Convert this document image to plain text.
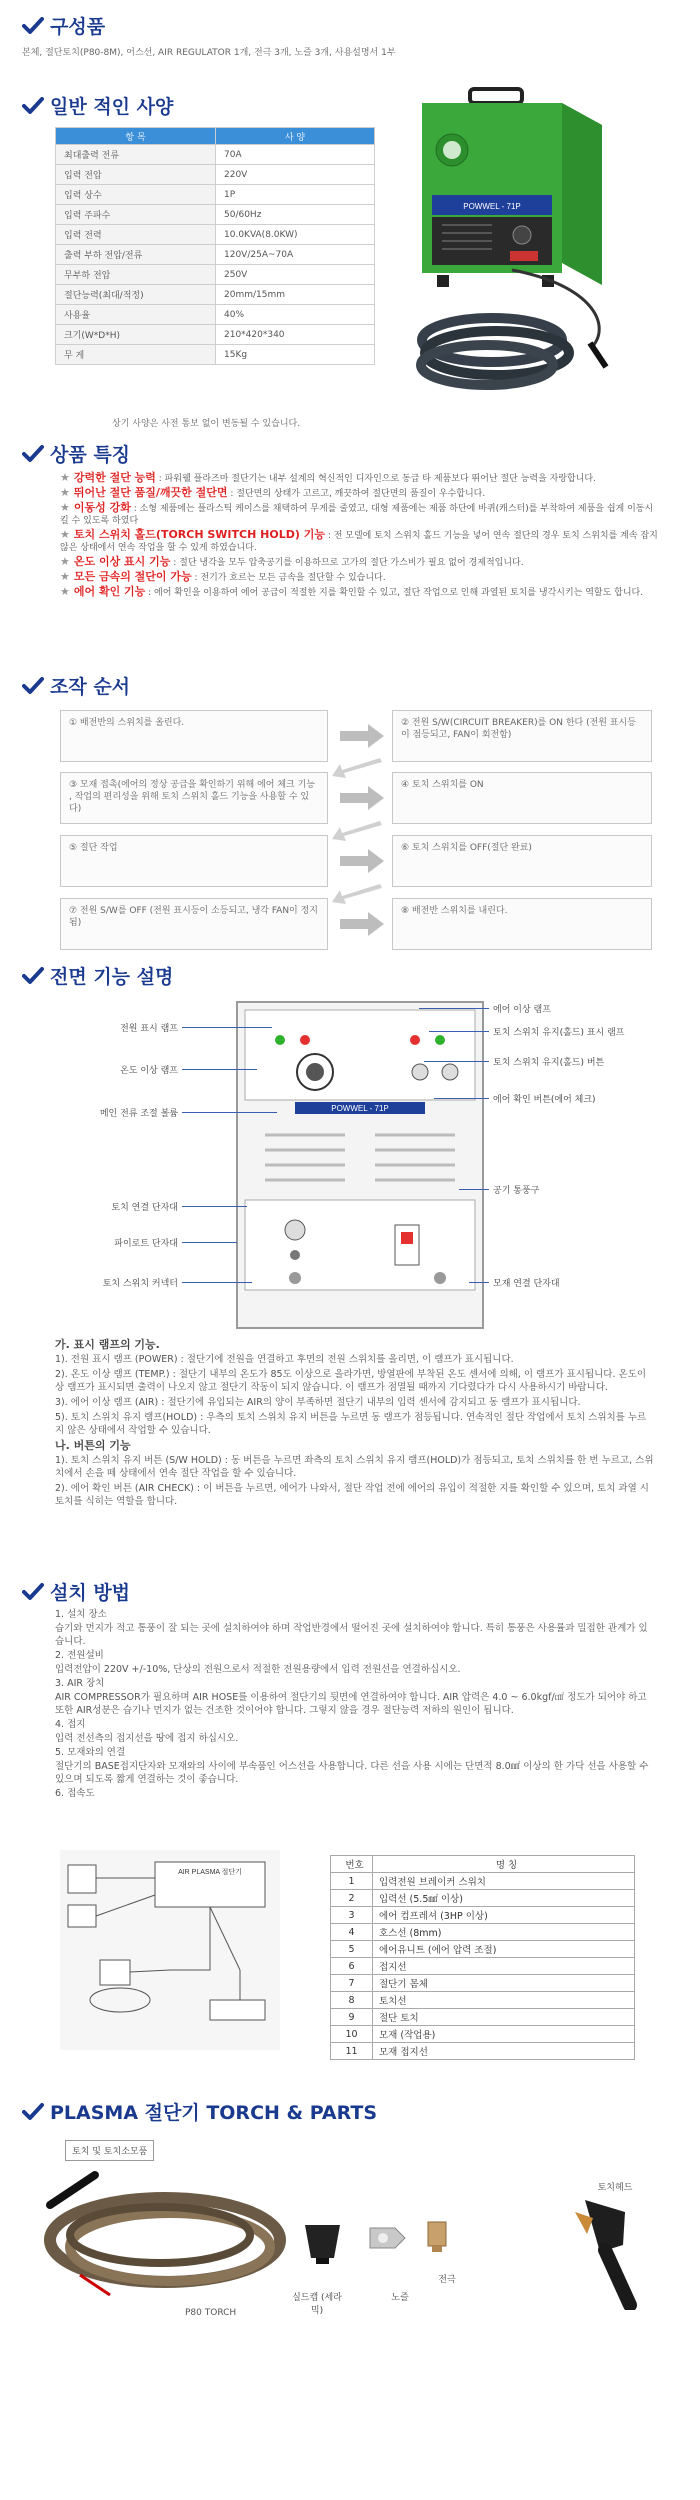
구성품

본체, 절단토치(P80-8M), 어스선, AIR REGULATOR 1개, 전극 3개, 노즐 3개, 사용설명서 1부

일반 적인 사양
항 목	사 양
최대출력 전류	70A
입력 전압	220V
입력 상수	1P
입력 주파수	50/60Hz
입력 전력	10.0KVA(8.0KW)
출력 부하 전압/전류	120V/25A~70A
무부하 전압	250V
절단능력(최대/적정)	20mm/15mm
사용율	40%
크기(W*D*H)	210*420*340
무 게	15Kg

상기 사양은 사전 통보 없이 변동될 수 있습니다.

POWWEL - 71P
상품 특징
★ 강력한 절단 능력 : 파워웰 플라즈마 절단기는 내부 설계의 혁신적인 디자인으로 동급 타 제품보다 뛰어난 절단 능력을 자랑합니다.
★ 뛰어난 절단 품질/깨끗한 절단면 : 절단면의 상태가 고르고, 깨끗하여 절단면의 품질이 우수합니다.
★ 이동성 강화 : 소형 제품에는 플라스틱 케이스를 채택하여 무게를 줄였고, 대형 제품에는 제품 하단에 바퀴(캐스터)를 부착하여 제품을 쉽게 이동시킬 수 있도록 하였다
★ 토치 스위치 홀드(TORCH SWITCH HOLD) 기능 : 전 모델에 토치 스위치 홀드 기능을 넣어 연속 절단의 경우 토치 스위치를 계속 잡지 않은 상태에서 연속 작업을 할 수 있게 하였습니다.
★ 온도 이상 표시 기능 : 절단 냉각을 모두 압축공기를 이용하므로 고가의 절단 가스비가 필요 없어 경제적입니다.
★ 모든 금속의 절단이 가능 : 전기가 흐르는 모든 금속을 절단할 수 있습니다.
★ 에어 확인 기능 : 에어 확인을 이용하여 에어 공급이 적절한 지를 확인할 수 있고, 절단 작업으로 인해 과열된 토치를 냉각시키는 역할도 합니다.
조작 순서
① 배전반의 스위치를 올린다.	② 전원 S/W(CIRCUIT BREAKER)를 ON 한다 (전원 표시등이 점등되고, FAN이 회전함)
③ 모재 접촉(에어의 정상 공급을 확인하기 위해 에어 체크 기능 , 작업의 편리성을 위해 토치 스위치 홀드 기능을 사용할 수 있다)
④ 토치 스위치를 ON
⑤ 절단 작업	⑥ 토치 스위치를 OFF(절단 완료)
⑦ 전원 S/W를 OFF (전원 표시등이 소등되고, 냉각 FAN이 정지됨)
⑧ 배전반 스위치를 내린다.
전면 기능 설명
POWWEL - 71P
전원 표시 램프
온도 이상 램프
메인 전류 조절 볼륨
토치 연결 단자대
파이로트 단자대
토치 스위치 커넥터
에어 이상 램프
토치 스위치 유지(홀드) 표시 램프
토치 스위치 유지(홀드) 버튼
에어 확인 버튼(에어 체크)
공기 통풍구
모재 연결 단자대
가. 표시 램프의 기능.
1). 전원 표시 램프 (POWER) : 절단기에 전원을 연결하고 후면의 전원 스위치를 올리면, 이 램프가 표시됩니다.
2). 온도 이상 램프 (TEMP.) : 절단기 내부의 온도가 85도 이상으로 올라가면, 방열판에 부착된 온도 센서에 의해, 이 램프가 표시됩니다. 온도이상 램프가 표시되면 출력이 나오지 않고 절단기 작동이 되지 않습니다. 이 램프가 점멸될 때까지 기다렸다가 다시 사용하시기 바랍니다.
3). 에어 이상 램프 (AIR) : 절단기에 유입되는 AIR의 양이 부족하면 절단기 내부의 입력 센서에 감지되고 동 램프가 표시됩니다.
5). 토치 스위치 유지 램프(HOLD) : 우측의 토치 스위치 유지 버튼을 누르면 동 램프가 점등됩니다. 연속적인 절단 작업에서 토치 스위치를 누르지 않은 상태에서 작업할 수 있습니다.
나. 버튼의 기능
1). 토치 스위치 유지 버튼 (S/W HOLD) : 동 버튼을 누르면 좌측의 토치 스위치 유지 램프(HOLD)가 점등되고, 토치 스위치를 한 번 누르고, 스위치에서 손을 떼 상태에서 연속 절단 작업을 할 수 있습니다.
2). 에어 확인 버튼 (AIR CHECK) : 이 버튼을 누르면, 에어가 나와서, 절단 작업 전에 에어의 유입이 적절한 지를 확인할 수 있으며, 토치 과열 시 토치를 식히는 역할을 합니다.
설치 방법
1. 설치 장소
습기와 먼지가 적고 통풍이 잘 되는 곳에 설치하여야 하며 작업반경에서 떨어진 곳에 설치하여야 합니다. 특히 통풍은 사용률과 밀접한 관계가 있습니다.
2. 전원설비
입력전압이 220V +/-10%, 단상의 전원으로서 적절한 전원용량에서 입력 전원선을 연결하십시오.
3. AIR 장치
AIR COMPRESSOR가 필요하며 AIR HOSE를 이용하여 절단기의 뒷면에 연결하여야 합니다. AIR 압력은 4.0 ~ 6.0kgf/㎠ 정도가 되어야 하고 또한 AIR성분은 습기나 먼지가 없는 건조한 것이어야 합니다. 그렇지 않을 경우 절단능력 저하의 원인이 됩니다.
4. 접지
입력 전선측의 접지선을 땅에 접지 하십시오.
5. 모재와의 연결
절단기의 BASE접지단자와 모재와의 사이에 부속품인 어스선을 사용합니다. 다른 선을 사용 시에는 단면적 8.0㎟ 이상의 한 가닥 선을 사용할 수 있으며 되도록 짧게 연결하는 것이 좋습니다.
6. 접속도
AIR PLASMA 절단기
번호	명 칭
1	입력전원 브레이커 스위치
2	입력선 (5.5㎟ 이상)
3	에어 컴프레셔 (3HP 이상)
4	호스선 (8mm)
5	에어유니트 (에어 압력 조절)
6	접지선
7	절단기 몸체
8	토치선
9	절단 토치
10	모재 (작업용)
11	모재 접지선
PLASMA 절단기 TORCH & PARTS
토치 및 토치소모품
P80 TORCH
실드캡 (세라믹)
노즐
전극
토치헤드
